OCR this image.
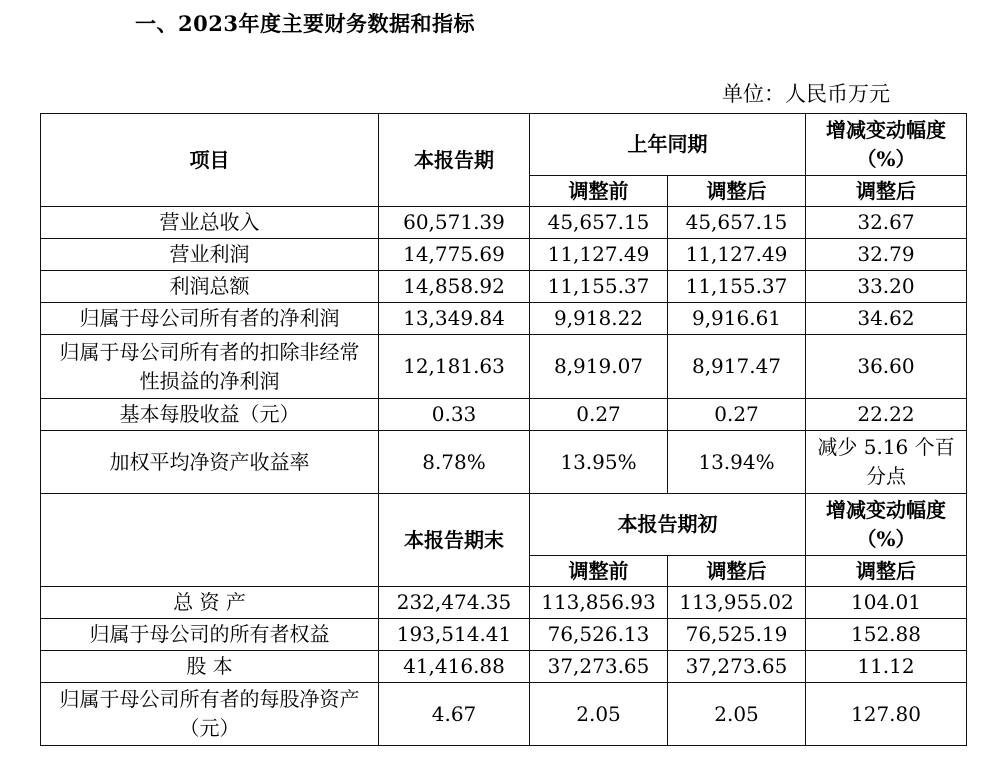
一、2023年度主要财务数据和指标
单位：人民币万元
项目	本报告期	上年同期		增减变动幅度（%）
		调整前	调整后	调整后
营业总收入	60,571.39	45,657.15	45,657.15	32.67
营业利润	14,775.69	11,127.49	11,127.49	32.79
利润总额	14,858.92	11,155.37	11,155.37	33.20
归属于母公司所有者的净利润	13,349.84	9,918.22	9,916.61	34.62
归属于母公司所有者的扣除非经常性损益的净利润	12,181.63	8,919.07	8,917.47	36.60
基本每股收益（元）	0.33	0.27	0.27	22.22
加权平均净资产收益率	8.78%	13.95%	13.94%	减少 5.16 个百分点
	本报告期末	本报告期初		增减变动幅度（%）
		调整前	调整后	调整后
总 资 产	232,474.35	113,856.93	113,955.02	104.01
归属于母公司的所有者权益	193,514.41	76,526.13	76,525.19	152.88
股 本	41,416.88	37,273.65	37,273.65	11.12
归属于母公司所有者的每股净资产（元）	4.67	2.05	2.05	127.80
